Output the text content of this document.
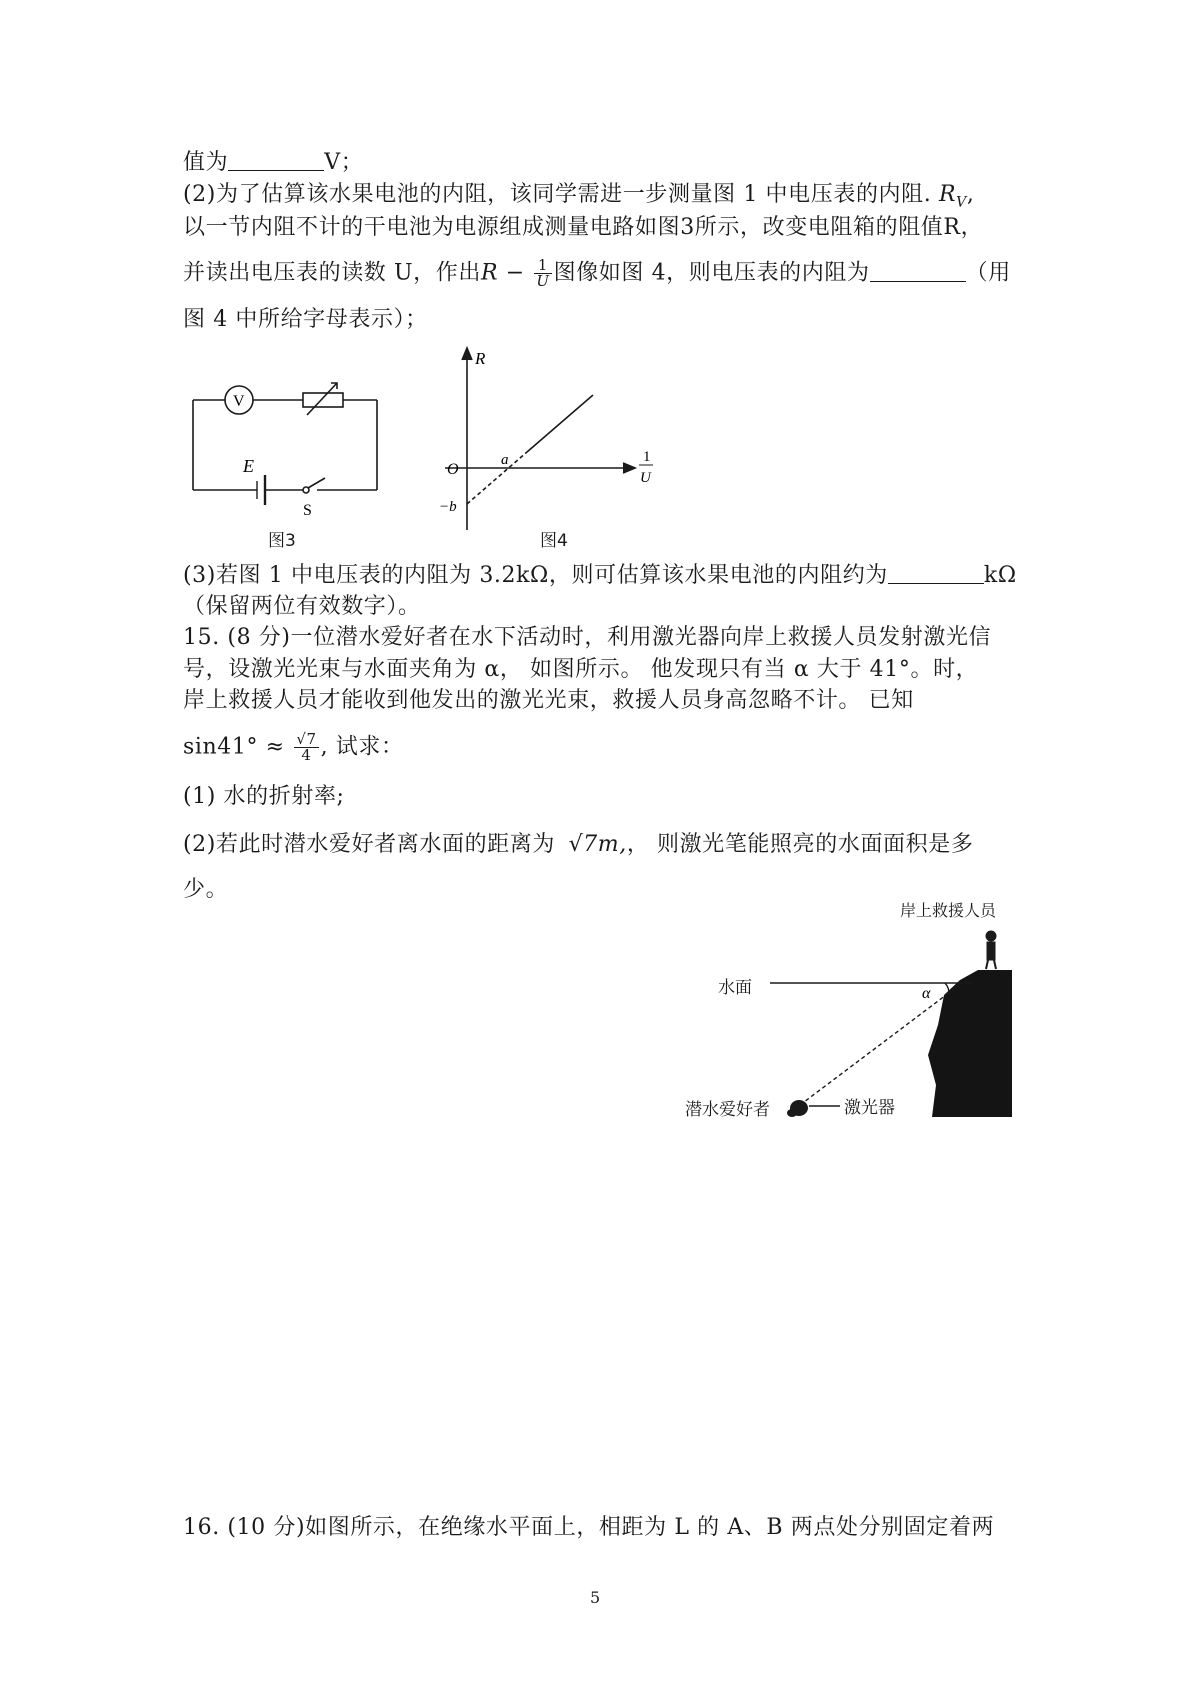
值为	V；
(2)为了估算该水果电池的内阻，该同学需进一步测量图 1 中电压表的内阻. $R_V$,
以一节内阻不计的干电池为电源组成测量电路如图3所示，改变电阻箱的阻值R，
并读出电压表的读数 U，作出$R - \frac{1}{U}$ 图像如图 4，则电压表的内阻为	（用
图 4 中所给字母表示）；
V
E
S
图3
R
O
a
−b
1
U
图4
(3)若图 1 中电压表的内阻为 3.2kΩ，则可估算该水果电池的内阻约为	kΩ
（保留两位有效数字）。
15. (8 分)一位潜水爱好者在水下活动时，利用激光器向岸上救援人员发射激光信
号，设激光光束与水面夹角为 α， 如图所示。 他发现只有当 α 大于 41°。时，
岸上救援人员才能收到他发出的激光光束，救援人员身高忽略不计。 已知
$\sin 41^\circ \approx \frac{√7}{4}$ , 试求：
(1) 水的折射率;
(2)若此时潜水爱好者离水面的距离为 √7m,， 则激光笔能照亮的水面面积是多
少。
岸上救援人员
α
水面
潜水爱好者	激光器
16. (10 分)如图所示，在绝缘水平面上，相距为 L 的 A、B 两点处分别固定着两
5
